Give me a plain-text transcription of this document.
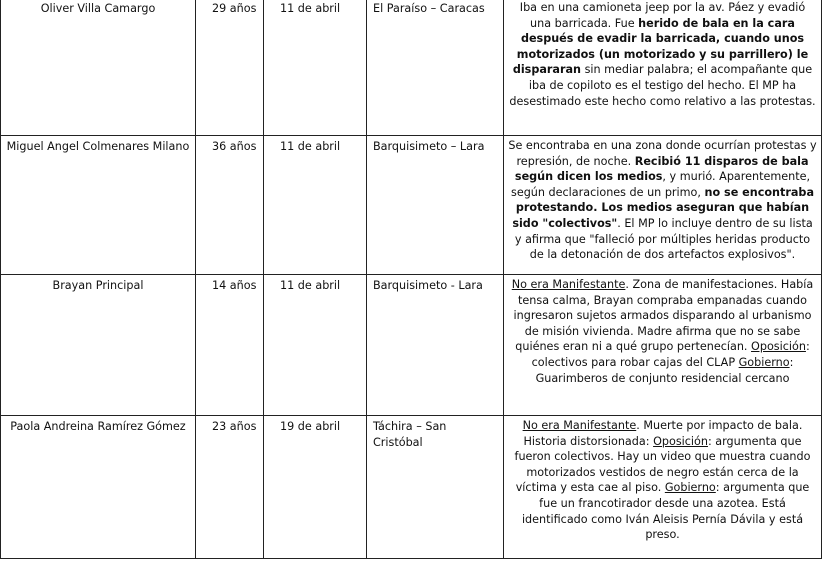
Oliver Villa Camargo	29 años	11 de abril	El Paraíso – Caracas	Iba en una camioneta jeep por la av. Páez y evadió una barricada. Fue herido de bala en la cara después de evadir la barricada, cuando unos motorizados (un motorizado y su parrillero) le dispararan sin mediar palabra; el acompañante que iba de copiloto es el testigo del hecho. El MP ha desestimado este hecho como relativo a las protestas.
Miguel Angel Colmenares Milano	36 años	11 de abril	Barquisimeto – Lara	Se encontraba en una zona donde ocurrían protestas y represión, de noche. Recibió 11 disparos de bala según dicen los medios, y murió. Aparentemente, según declaraciones de un primo, no se encontraba protestando. Los medios aseguran que habían sido "colectivos". El MP lo incluye dentro de su lista y afirma que "falleció por múltiples heridas producto de la detonación de dos artefactos explosivos".
Brayan Principal	14 años	11 de abril	Barquisimeto - Lara	No era Manifestante. Zona de manifestaciones. Había tensa calma, Brayan compraba empanadas cuando ingresaron sujetos armados disparando al urbanismo de misión vivienda. Madre afirma que no se sabe quiénes eran ni a qué grupo pertenecían. Oposición: colectivos para robar cajas del CLAP Gobierno: Guarimberos de conjunto residencial cercano
Paola Andreina Ramírez Gómez	23 años	19 de abril	Táchira – San Cristóbal	No era Manifestante. Muerte por impacto de bala. Historia distorsionada: Oposición: argumenta que fueron colectivos. Hay un video que muestra cuando motorizados vestidos de negro están cerca de la víctima y esta cae al piso. Gobierno: argumenta que fue un francotirador desde una azotea. Está identificado como Iván Aleisis Pernía Dávila y está preso.
